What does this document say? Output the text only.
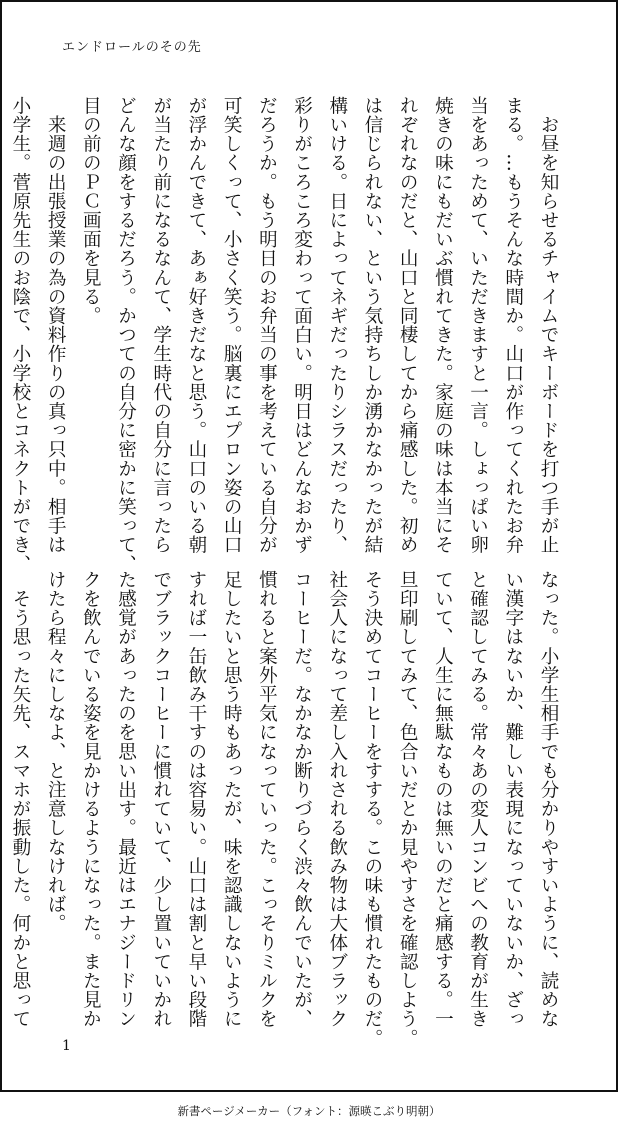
エンドロールのその先
　お昼を知らせるチャイムでキーボードを打つ手が止
まる。…もうそんな時間か。山口が作ってくれたお弁
当をあっためて、いただきますと一言。しょっぱい卵
焼きの味にもだいぶ慣れてきた。家庭の味は本当にそ
れぞれなのだと、山口と同棲してから痛感した。初め
は信じられない、という気持ちしか湧かなかったが結
構いける。日によってネギだったりシラスだったり、
彩りがころころ変わって面白い。明日はどんなおかず
だろうか。もう明日のお弁当の事を考えている自分が
可笑しくって、小さく笑う。脳裏にエプロン姿の山口
が浮かんできて、あぁ好きだなと思う。山口のいる朝
が当たり前になるなんて、学生時代の自分に言ったら
どんな顔をするだろう。かつての自分に密かに笑って、
目の前のＰＣ画面を見る。
　来週の出張授業の為の資料作りの真っ只中。相手は
小学生。菅原先生のお陰で、小学校とコネクトができ、

なった。小学生相手でも分かりやすいように、読めな
い漢字はないか、難しい表現になっていないか、ざっ
と確認してみる。常々あの変人コンビへの教育が生き
ていて、人生に無駄なものは無いのだと痛感する。一
旦印刷してみて、色合いだとか見やすさを確認しよう。
そう決めてコーヒーをすする。この味も慣れたものだ。
社会人になって差し入れされる飲み物は大体ブラック
コーヒーだ。なかなか断りづらく渋々飲んでいたが、
慣れると案外平気になっていった。こっそりミルクを
足したいと思う時もあったが、味を認識しないように
すれば一缶飲み干すのは容易い。山口は割と早い段階
でブラックコーヒーに慣れていて、少し置いていかれ
た感覚があったのを思い出す。最近はエナジードリン
クを飲んでいる姿を見かけるようになった。また見か
けたら程々にしなよ、と注意しなければ。
　そう思った矢先、スマホが振動した。何かと思って

1
新書ページメーカー（フォント：源暎こぶり明朝）
